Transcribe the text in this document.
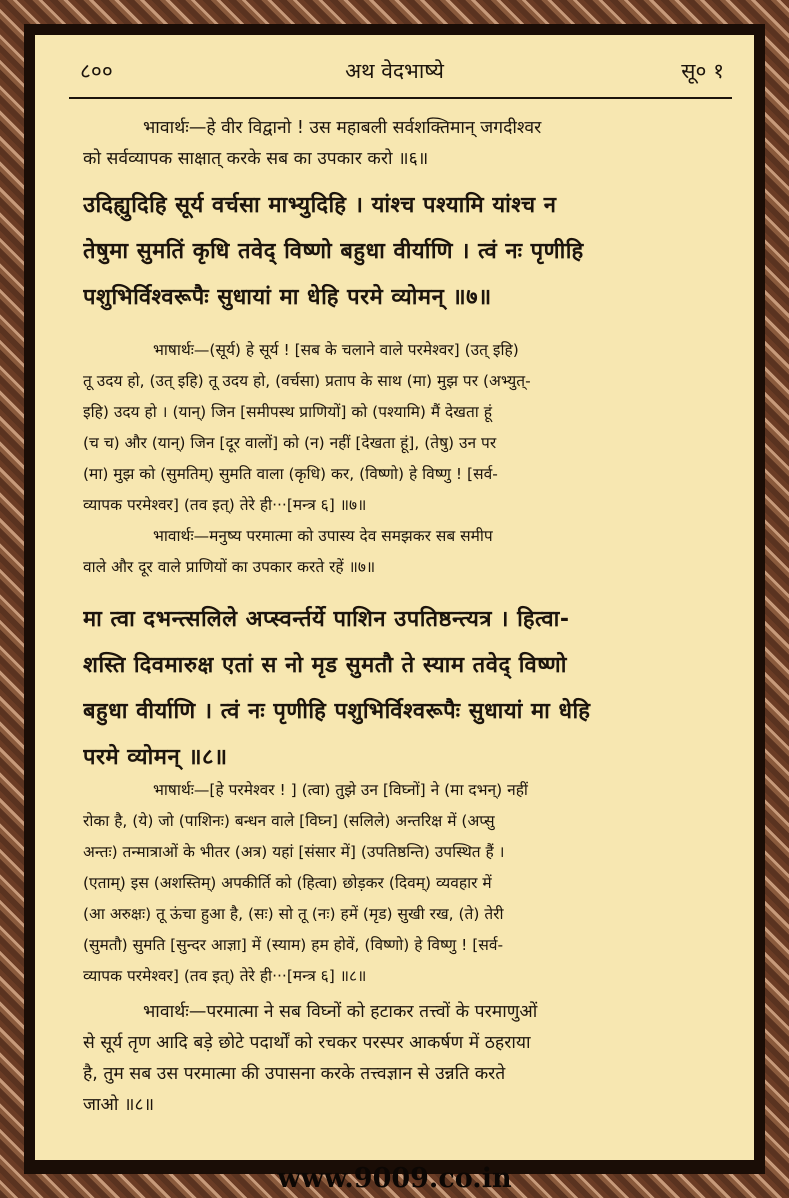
८००	अथ वेदभाष्ये	सू० १
भावार्थः—हे वीर विद्वानो ! उस महाबली सर्वशक्तिमान् जगदीश्वर
को सर्वव्यापक साक्षात् करके सब का उपकार करो ॥६॥
उदिह्युदिहि सूर्य वर्चसा माभ्युदिहि । यांश्च पश्यामि यांश्च न
तेषुमा सुमतिं कृधि तवेद् विष्णो बहुधा वीर्याणि । त्वं नः पृणीहि
पशुभिर्विश्वरूपैः सुधायां मा धेहि परमे व्योमन् ॥७॥
भाषार्थः—(सूर्य) हे सूर्य ! [सब के चलाने वाले परमेश्वर] (उत् इहि)
तू उदय हो, (उत् इहि) तू उदय हो, (वर्चसा) प्रताप के साथ (मा) मुझ पर (अभ्युत्-
इहि) उदय हो । (यान्) जिन [समीपस्थ प्राणियों] को (पश्यामि) मैं देखता हूं
(च च) और (यान्) जिन [दूर वालों] को (न) नहीं [देखता हूं], (तेषु) उन पर
(मा) मुझ को (सुमतिम्) सुमति वाला (कृधि) कर, (विष्णो) हे विष्णु ! [सर्व-
व्यापक परमेश्वर] (तव इत्) तेरे ही···[मन्त्र ६] ॥७॥
भावार्थः—मनुष्य परमात्मा को उपास्य देव समझकर सब समीप
वाले और दूर वाले प्राणियों का उपकार करते रहें ॥७॥
मा त्वा दभन्त्सलिले अप्स्वर्न्तर्ये पाशिन उपतिष्ठन्त्यत्र । हित्वा-
शस्ति दिवमारुक्ष एतां स नो मृड सुमतौ ते स्याम तवेद् विष्णो
बहुधा वीर्याणि । त्वं नः पृणीहि पशुभिर्विश्वरूपैः सुधायां मा धेहि
परमे व्योमन् ॥८॥
भाषार्थः—[हे परमेश्वर ! ] (त्वा) तुझे उन [विघ्नों] ने (मा दभन्) नहीं
रोका है, (ये) जो (पाशिनः) बन्धन वाले [विघ्न] (सलिले) अन्तरिक्ष में (अप्सु
अन्तः) तन्मात्राओं के भीतर (अत्र) यहां [संसार में] (उपतिष्ठन्ति) उपस्थित हैं ।
(एताम्) इस (अशस्तिम्) अपकीर्ति को (हित्वा) छोड़कर (दिवम्) व्यवहार में
(आ अरुक्षः) तू ऊंचा हुआ है, (सः) सो तू (नः) हमें (मृड) सुखी रख, (ते) तेरी
(सुमतौ) सुमति [सुन्दर आज्ञा] में (स्याम) हम होवें, (विष्णो) हे विष्णु ! [सर्व-
व्यापक परमेश्वर] (तव इत्) तेरे ही···[मन्त्र ६] ॥८॥
भावार्थः—परमात्मा ने सब विघ्नों को हटाकर तत्त्वों के परमाणुओं
से सूर्य तृण आदि बड़े छोटे पदार्थों को रचकर परस्पर आकर्षण में ठहराया
है, तुम सब उस परमात्मा की उपासना करके तत्त्वज्ञान से उन्नति करते
जाओ ॥८॥
www.9009.co.in
